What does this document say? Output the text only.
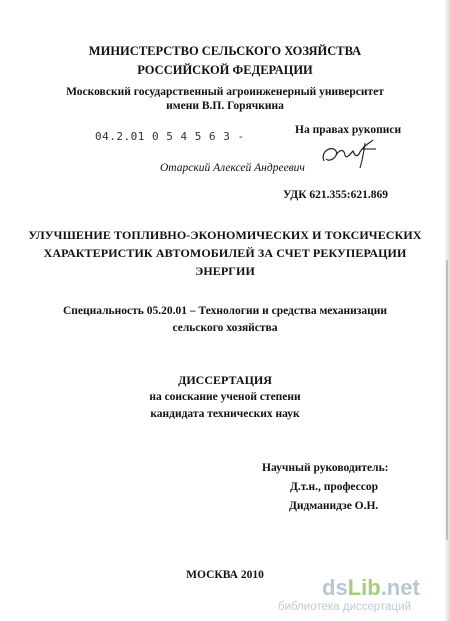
МИНИСТЕРСТВО СЕЛЬСКОГО ХОЗЯЙСТВА
РОССИЙСКОЙ ФЕДЕРАЦИИ
Московский государственный агроинженерный университет
имени В.П. Горячкина
04.2.01 0 5 4 5 6 3 -	На правах рукописи
Отарский Алексей Андреевич
УДК 621.355:621.869
УЛУЧШЕНИЕ ТОПЛИВНО-ЭКОНОМИЧЕСКИХ И ТОКСИЧЕСКИХ
ХАРАКТЕРИСТИК АВТОМОБИЛЕЙ ЗА СЧЕТ РЕКУПЕРАЦИИ
ЭНЕРГИИ
Специальность 05.20.01 – Технологии и средства механизации
сельского хозяйства
ДИССЕРТАЦИЯ
на соискание ученой степени
кандидата технических наук
Научный руководитель:
Д.т.н., профессор
Дидманидзе О.Н.
МОСКВА 2010	dsLib.net
библиотека диссертаций
